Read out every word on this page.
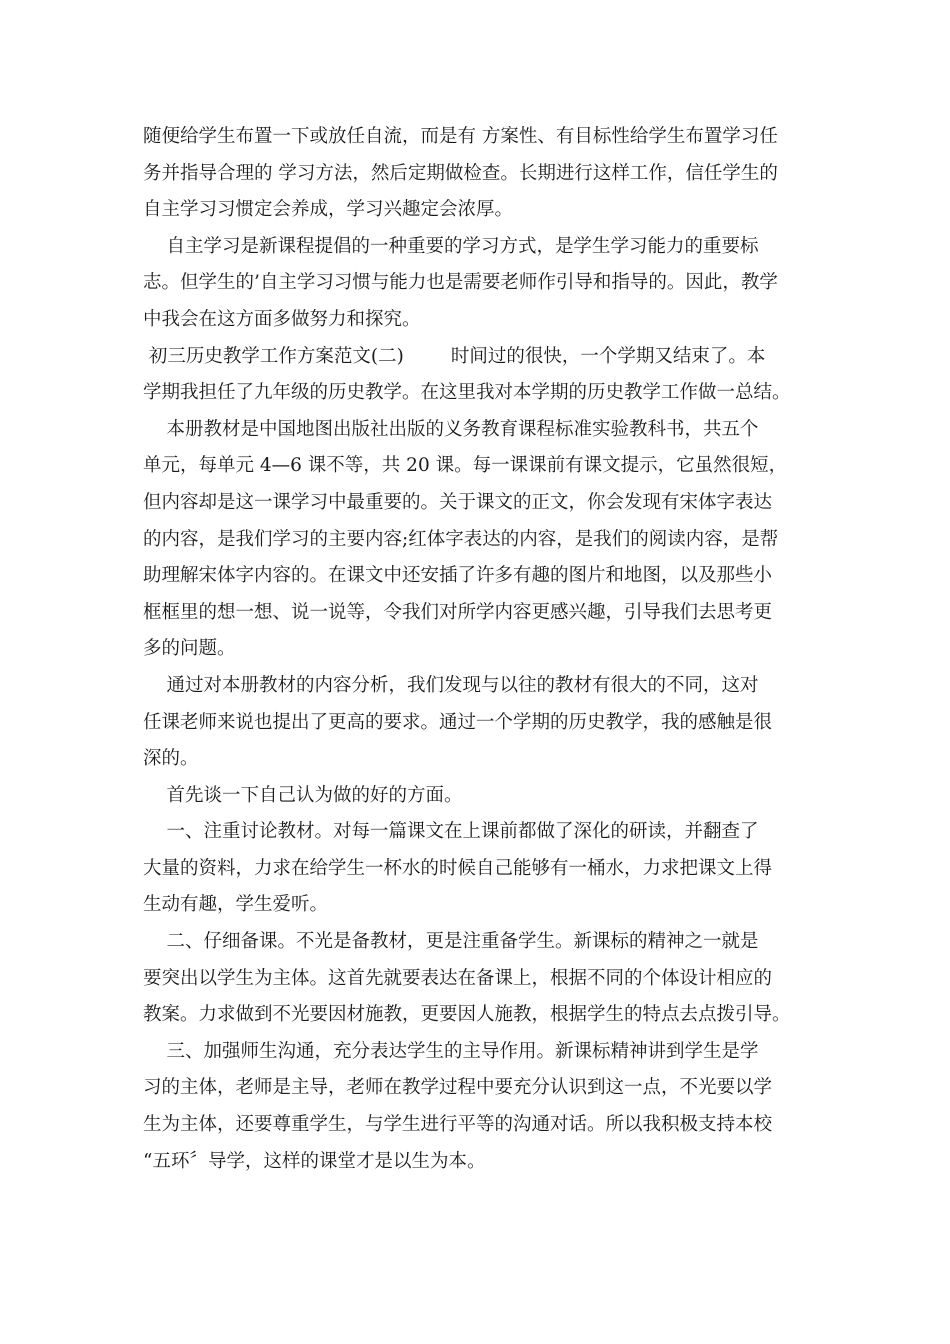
随便给学生布置一下或放任自流，而是有 方案性、有目标性给学生布置学习任
务并指导合理的 学习方法，然后定期做检查。长期进行这样工作，信任学生的
自主学习习惯定会养成，学习兴趣定会浓厚。
自主学习是新课程提倡的一种重要的学习方式，是学生学习能力的重要标
志。但学生的’自主学习习惯与能力也是需要老师作引导和指导的。因此，教学
中我会在这方面多做努力和探究。
初三历史教学工作方案范文(二)        时间过的很快，一个学期又结束了。本
学期我担任了九年级的历史教学。在这里我对本学期的历史教学工作做一总结。
本册教材是中国地图出版社出版的义务教育课程标准实验教科书，共五个
单元，每单元 4—6 课不等，共 20 课。每一课课前有课文提示，它虽然很短，
但内容却是这一课学习中最重要的。关于课文的正文，你会发现有宋体字表达
的内容，是我们学习的主要内容;红体字表达的内容，是我们的阅读内容，是帮
助理解宋体字内容的。在课文中还安插了许多有趣的图片和地图，以及那些小
框框里的想一想、说一说等，令我们对所学内容更感兴趣，引导我们去思考更
多的问题。
通过对本册教材的内容分析，我们发现与以往的教材有很大的不同，这对
任课老师来说也提出了更高的要求。通过一个学期的历史教学，我的感触是很
深的。
首先谈一下自己认为做的好的方面。
一、注重讨论教材。对每一篇课文在上课前都做了深化的研读，并翻查了
大量的资料，力求在给学生一杯水的时候自己能够有一桶水，力求把课文上得
生动有趣，学生爱听。
二、仔细备课。不光是备教材，更是注重备学生。新课标的精神之一就是
要突出以学生为主体。这首先就要表达在备课上，根据不同的个体设计相应的
教案。力求做到不光要因材施教，更要因人施教，根据学生的特点去点拨引导。
三、加强师生沟通，充分表达学生的主导作用。新课标精神讲到学生是学
习的主体，老师是主导，老师在教学过程中要充分认识到这一点，不光要以学
生为主体，还要尊重学生，与学生进行平等的沟通对话。所以我积极支持本校
“五环〞导学，这样的课堂才是以生为本。
